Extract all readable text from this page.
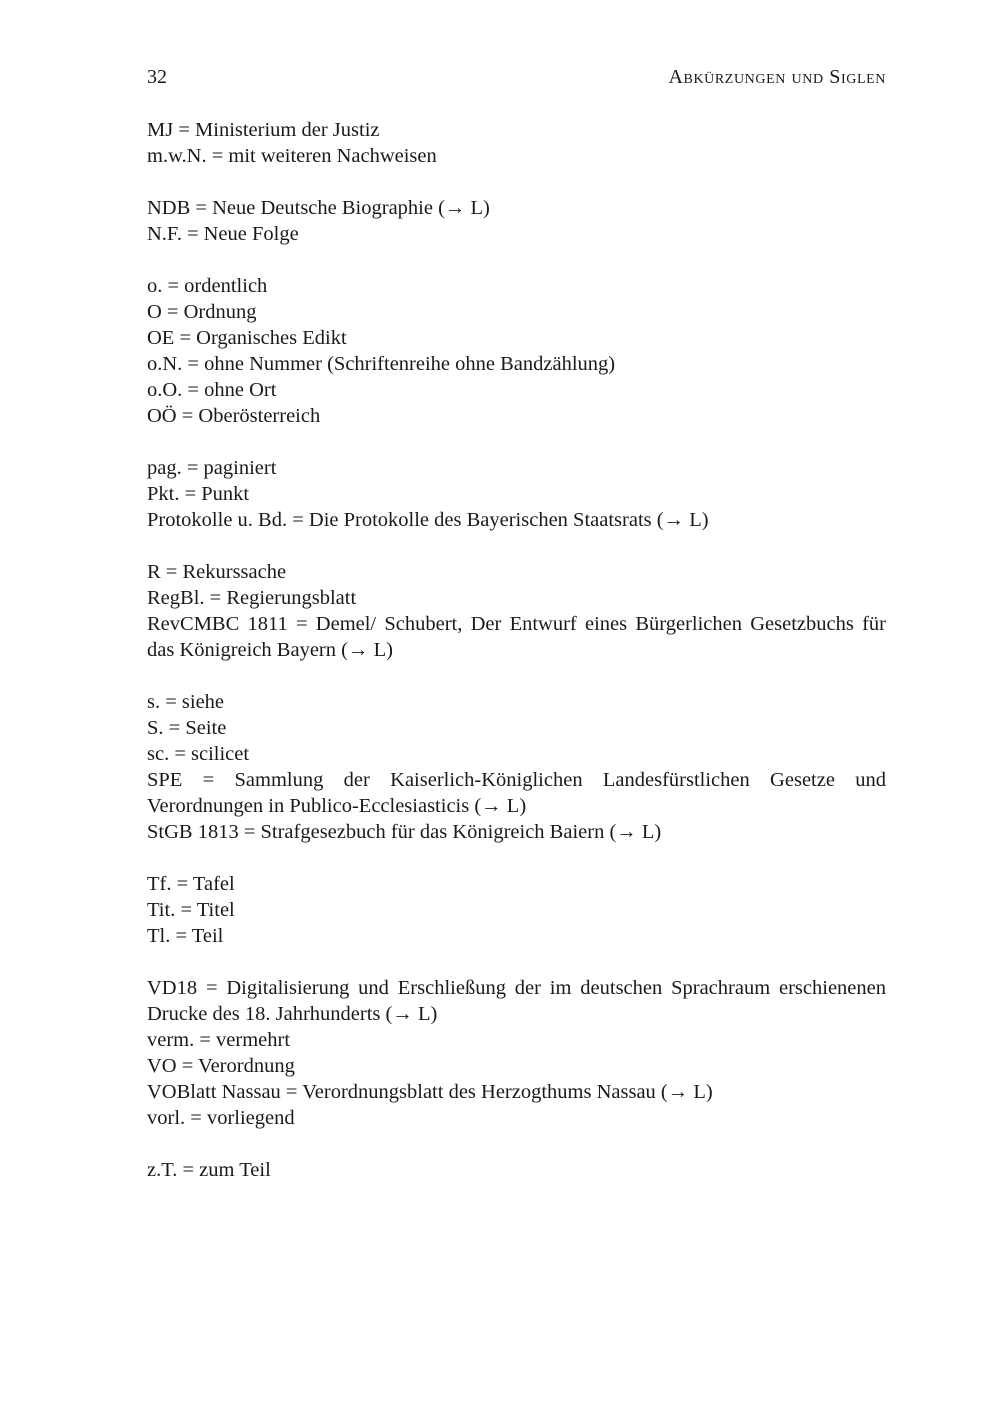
32	Abkürzungen und Siglen
MJ = Ministerium der Justiz
m.w.N. = mit weiteren Nachweisen
NDB = Neue Deutsche Biographie (→ L)
N.F. = Neue Folge
o. = ordentlich
O = Ordnung
OE = Organisches Edikt
o.N. = ohne Nummer (Schriftenreihe ohne Bandzählung)
o.O. = ohne Ort
OÖ = Oberösterreich
pag. = paginiert
Pkt. = Punkt
Protokolle u. Bd. = Die Protokolle des Bayerischen Staatsrats (→ L)
R = Rekurssache
RegBl. = Regierungsblatt
RevCMBC 1811 = Demel/ Schubert, Der Entwurf eines Bürgerlichen Gesetzbuchs für das Königreich Bayern (→ L)
s. = siehe
S. = Seite
sc. = scilicet
SPE = Sammlung der Kaiserlich-Königlichen Landesfürstlichen Gesetze und Verordnungen in Publico-Ecclesiasticis (→ L)
StGB 1813 = Strafgesezbuch für das Königreich Baiern (→ L)
Tf. = Tafel
Tit. = Titel
Tl. = Teil
VD18 = Digitalisierung und Erschließung der im deutschen Sprachraum erschienenen Drucke des 18. Jahrhunderts (→ L)
verm. = vermehrt
VO = Verordnung
VOBlatt Nassau = Verordnungsblatt des Herzogthums Nassau (→ L)
vorl. = vorliegend
z.T. = zum Teil
